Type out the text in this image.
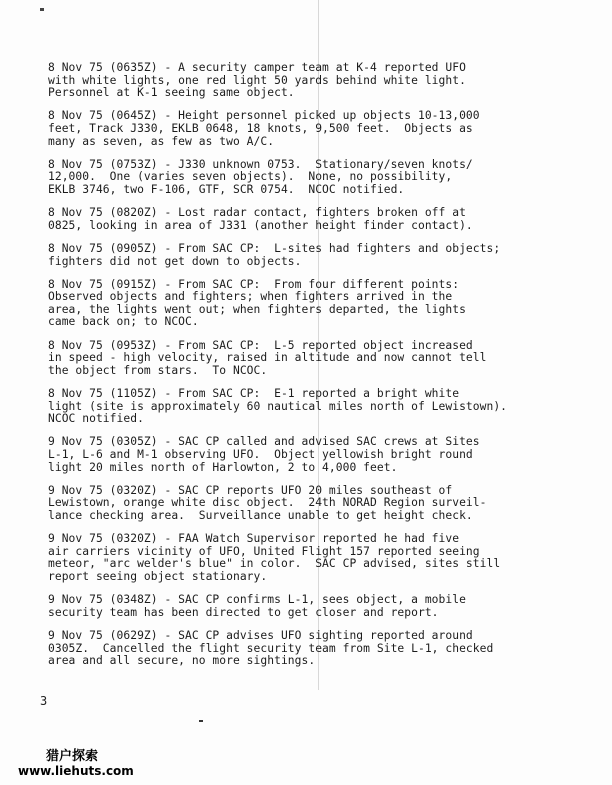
8 Nov 75 (0635Z) - A security camper team at K-4 reported UFO
with white lights, one red light 50 yards behind white light.
Personnel at K-1 seeing same object.

8 Nov 75 (0645Z) - Height personnel picked up objects 10-13,000
feet, Track J330, EKLB 0648, 18 knots, 9,500 feet.  Objects as
many as seven, as few as two A/C.

8 Nov 75 (0753Z) - J330 unknown 0753.  Stationary/seven knots/
12,000.  One (varies seven objects).  None, no possibility,
EKLB 3746, two F-106, GTF, SCR 0754.  NCOC notified.

8 Nov 75 (0820Z) - Lost radar contact, fighters broken off at
0825, looking in area of J331 (another height finder contact).

8 Nov 75 (0905Z) - From SAC CP:  L-sites had fighters and objects;
fighters did not get down to objects.

8 Nov 75 (0915Z) - From SAC CP:  From four different points:
Observed objects and fighters; when fighters arrived in the
area, the lights went out; when fighters departed, the lights
came back on; to NCOC.

8 Nov 75 (0953Z) - From SAC CP:  L-5 reported object increased
in speed - high velocity, raised in altitude and now cannot tell
the object from stars.  To NCOC.

8 Nov 75 (1105Z) - From SAC CP:  E-1 reported a bright white
light (site is approximately 60 nautical miles north of Lewistown).
NCOC notified.

9 Nov 75 (0305Z) - SAC CP called and advised SAC crews at Sites
L-1, L-6 and M-1 observing UFO.  Object yellowish bright round
light 20 miles north of Harlowton, 2 to 4,000 feet.

9 Nov 75 (0320Z) - SAC CP reports UFO 20 miles southeast of
Lewistown, orange white disc object.  24th NORAD Region surveil-
lance checking area.  Surveillance unable to get height check.

9 Nov 75 (0320Z) - FAA Watch Supervisor reported he had five
air carriers vicinity of UFO, United Flight 157 reported seeing
meteor, "arc welder's blue" in color.  SAC CP advised, sites still
report seeing object stationary.

9 Nov 75 (0348Z) - SAC CP confirms L-1, sees object, a mobile
security team has been directed to get closer and report.

9 Nov 75 (0629Z) - SAC CP advises UFO sighting reported around
0305Z.  Cancelled the flight security team from Site L-1, checked
area and all secure, no more sightings.

3
猎户探索
www.liehuts.com
